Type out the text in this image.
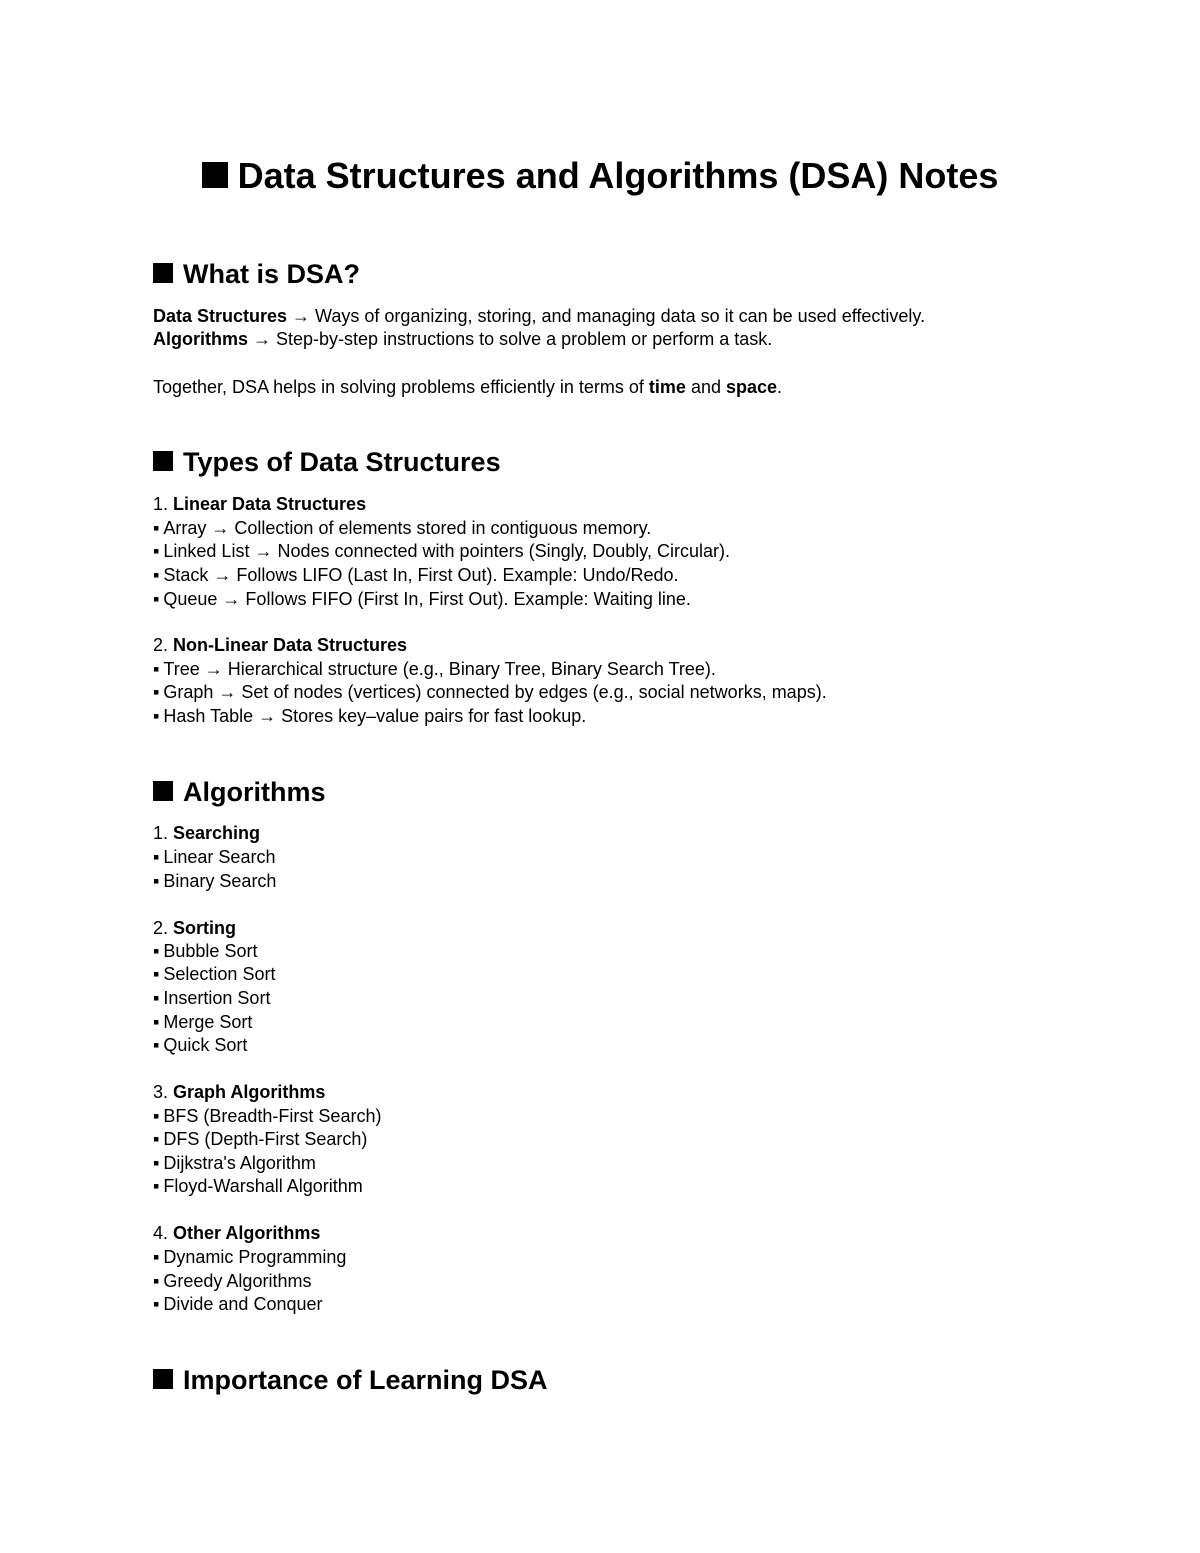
Data Structures and Algorithms (DSA) Notes
What is DSA?
Data Structures → Ways of organizing, storing, and managing data so it can be used effectively.
Algorithms → Step-by-step instructions to solve a problem or perform a task.
Together, DSA helps in solving problems efficiently in terms of time and space.
Types of Data Structures
1. Linear Data Structures
▪ Array → Collection of elements stored in contiguous memory.
▪ Linked List → Nodes connected with pointers (Singly, Doubly, Circular).
▪ Stack → Follows LIFO (Last In, First Out). Example: Undo/Redo.
▪ Queue → Follows FIFO (First In, First Out). Example: Waiting line.
2. Non-Linear Data Structures
▪ Tree → Hierarchical structure (e.g., Binary Tree, Binary Search Tree).
▪ Graph → Set of nodes (vertices) connected by edges (e.g., social networks, maps).
▪ Hash Table → Stores key–value pairs for fast lookup.
Algorithms
1. Searching
▪ Linear Search
▪ Binary Search
2. Sorting
▪ Bubble Sort
▪ Selection Sort
▪ Insertion Sort
▪ Merge Sort
▪ Quick Sort
3. Graph Algorithms
▪ BFS (Breadth-First Search)
▪ DFS (Depth-First Search)
▪ Dijkstra's Algorithm
▪ Floyd-Warshall Algorithm
4. Other Algorithms
▪ Dynamic Programming
▪ Greedy Algorithms
▪ Divide and Conquer
Importance of Learning DSA
